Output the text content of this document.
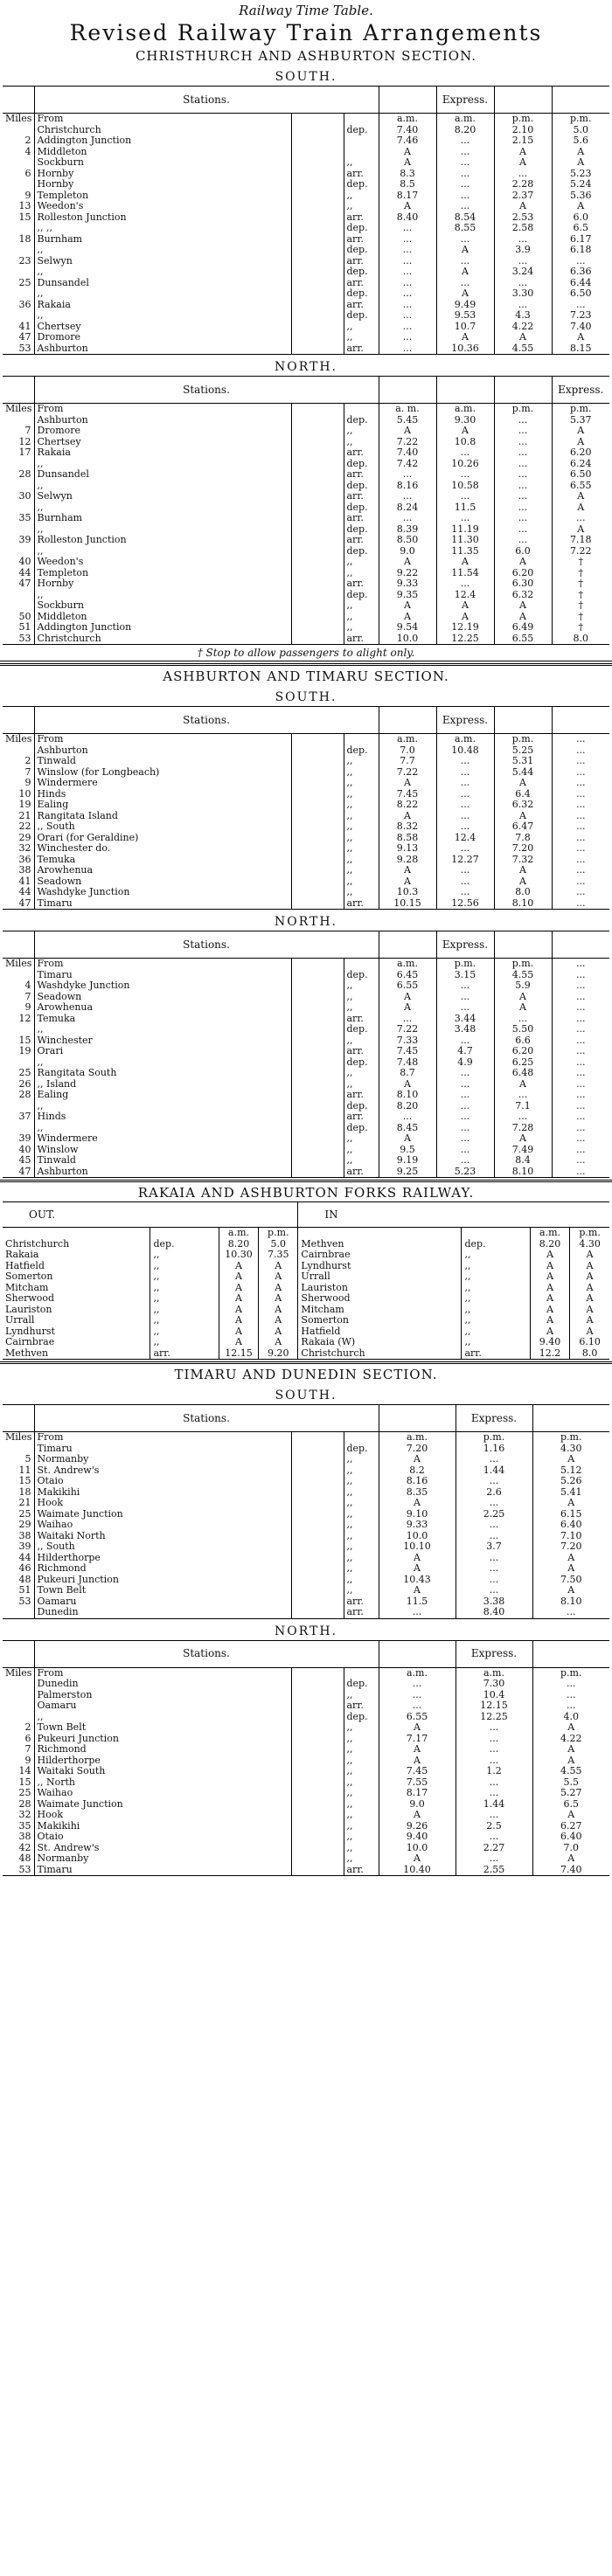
Railway Time Table.
Revised Railway Train Arrangements
CHRISTHURCH AND ASHBURTON SECTION.
SOUTH.
	Stations.				Express.		
Miles	From			a.m.	a.m.	p.m.	p.m.
	Christchurch		dep.	7.40	8.20	2.10	5.0
2	Addington Junction			7.46	...	2.15	5.6
4	Middleton			A	...	A	A
	Sockburn		,,	A	...	A	A
6	Hornby		arr.	8.3	...	...	5.23
	Hornby		dep.	8.5	...	2.28	5.24
9	Templeton		,,	8.17	...	2.37	5.36
13	Weedon's		,,	A	...	A	A
15	Rolleston Junction		arr.	8.40	8.54	2.53	6.0
	,, ,,		dep.	...	8.55	2.58	6.5
18	Burnham		arr.	...	...	...	6.17
	,,		dep.	...	A	3.9	6.18
23	Selwyn		arr.	...	...	...	...
	,,		dep.	...	A	3.24	6.36
25	Dunsandel		arr.	...	...	...	6.44
	,,		dep.	...	A	3.30	6.50
36	Rakaia		arr.	...	9.49	...	...
	,,		dep.	...	9.53	4.3	7.23
41	Chertsey		,,	...	10.7	4.22	7.40
47	Dromore		,,	...	A	A	A
53	Ashburton		arr.	...	10.36	4.55	8.15
NORTH.
	Stations.						Express.
Miles	From			a. m.	a.m.	p.m.	p.m.
	Ashburton		dep.	5.45	9.30	...	5.37
7	Dromore		,,	A	A	...	A
12	Chertsey		,,	7.22	10.8	...	A
17	Rakaia		arr.	7.40	...	...	6.20
	,,		dep.	7.42	10.26	...	6.24
28	Dunsandel		arr.	...	...	...	6.50
	,,		dep.	8.16	10.58	...	6.55
30	Selwyn		arr.	...	...	...	A
	,,		dep.	8.24	11.5	...	A
35	Burnham		arr.	...	...	...	...
	,,		dep.	8.39	11.19	...	A
39	Rolleston Junction		arr.	8.50	11.30	...	7.18
	,,		dep.	9.0	11.35	6.0	7.22
40	Weedon's		,,	A	A	A	†
44	Templeton		,,	9.22	11.54	6.20	†
47	Hornby		arr.	9.33	...	6.30	†
	,,		dep.	9.35	12.4	6.32	†
	Sockburn		,,	A	A	A	†
50	Middleton		,,	A	A	A	†
51	Addington Junction		,,	9.54	12.19	6.49	†
53	Christchurch		arr.	10.0	12.25	6.55	8.0
† Stop to allow passengers to alight only.
ASHBURTON AND TIMARU SECTION.
SOUTH.
	Stations.				Express.		
Miles	From			a.m.	a.m.	p.m.	...
	Ashburton		dep.	7.0	10.48	5.25	...
2	Tinwald		,,	7.7	...	5.31	...
7	Winslow (for Longbeach)		,,	7.22	...	5.44	...
9	Windermere		,,	A	...	A	...
10	Hinds		,,	7.45	...	6.4	...
19	Ealing		,,	8.22	...	6.32	...
21	Rangitata Island		,,	A	...	A	...
22	,, South		,,	8.32	...	6.47	...
29	Orari (for Geraldine)		,,	8.58	12.4	7.8	...
32	Winchester do.		,,	9.13	...	7.20	...
36	Temuka		,,	9.28	12.27	7.32	...
38	Arowhenua		,,	A	...	A	...
41	Seadown		,,	A	...	A	...
44	Washdyke Junction		,,	10.3	...	8.0	...
47	Timaru		arr.	10.15	12.56	8.10	...
NORTH.
	Stations.				Express.		
Miles	From			a.m.	p.m.	p.m.	...
	Timaru		dep.	6.45	3.15	4.55	...
4	Washdyke Junction		,,	6.55	...	5.9	...
7	Seadown		,,	A	...	A	...
9	Arowhenua		,,	A	...	A	...
12	Temuka		arr.	...	3.44	...	...
	,,		dep.	7.22	3.48	5.50	...
15	Winchester		,,	7.33	...	6.6	...
19	Orari		arr.	7.45	4.7	6.20	...
	,,		dep.	7.48	4.9	6.25	...
25	Rangitata South		,,	8.7	...	6.48	...
26	,, Island		,,	A	...	A	...
28	Ealing		arr.	8.10	...	...	...
	,,		dep.	8.20	...	7.1	...
37	Hinds		arr.	...	...	...	...
	,,		dep.	8.45	...	7.28	...
39	Windermere		,,	A	...	A	...
40	Winslow		,,	9.5	...	7.49	...
45	Tinwald		,,	9.19	...	8.4	...
47	Ashburton		arr.	9.25	5.23	8.10	...
RAKAIA AND ASHBURTON FORKS RAILWAY.
OUT.				IN			
		a.m.	p.m.			a.m.	p.m.
Christchurch	dep.	8.20	5.0	Methven	dep.	8.20	4.30
Rakaia	,,	10.30	7.35	Cairnbrae	,,	A	A
Hatfield	,,	A	A	Lyndhurst	,,	A	A
Somerton	,,	A	A	Urrall	,,	A	A
Mitcham	,,	A	A	Lauriston	,,	A	A
Sherwood	,,	A	A	Sherwood	,,	A	A
Lauriston	,,	A	A	Mitcham	,,	A	A
Urrall	,,	A	A	Somerton	,,	A	A
Lyndhurst	,,	A	A	Hatfield	,,	A	A
Cairnbrae	,,	A	A	Rakaia (W)	,,	9.40	6.10
Methven	arr.	12.15	9.20	Christchurch	arr.	12.2	8.0
TIMARU AND DUNEDIN SECTION.
SOUTH.
	Stations.				Express.	
Miles	From			a.m.	p.m.	p.m.
	Timaru		dep.	7.20	1.16	4.30
5	Normanby		,,	A	...	A
11	St. Andrew's		,,	8.2	1.44	5.12
15	Otaio		,,	8.16	...	5.26
18	Makikihi		,,	8.35	2.6	5.41
21	Hook		,,	A	...	A
25	Waimate Junction		,,	9.10	2.25	6.15
29	Waihao		,,	9.33	...	6.40
38	Waitaki North		,,	10.0	...	7.10
39	,, South		,,	10.10	3.7	7.20
44	Hilderthorpe		,,	A	...	A
46	Richmond		,,	A	...	A
48	Pukeuri Junction		,,	10.43	...	7.50
51	Town Belt		,,	A	...	A
53	Oamaru		arr.	11.5	3.38	8.10
	Dunedin		arr.	...	8.40	...
NORTH.
	Stations.				Express.	
Miles	From			a.m.	a.m.	p.m.
	Dunedin		dep.	...	7.30	...
	Palmerston		,,	...	10.4	...
	Oamaru		arr.	...	12.15	...
	,,		dep.	6.55	12.25	4.0
2	Town Belt		,,	A	...	A
6	Pukeuri Junction		,,	7.17	...	4.22
7	Richmond		,,	A	...	A
9	Hilderthorpe		,,	A	...	A
14	Waitaki South		,,	7.45	1.2	4.55
15	,, North		,,	7.55	...	5.5
25	Waihao		,,	8.17	...	5.27
28	Waimate Junction		,,	9.0	1.44	6.5
32	Hook		,,	A	...	A
35	Makikihi		,,	9.26	2.5	6.27
38	Otaio		,,	9.40	...	6.40
42	St. Andrew's		,,	10.0	2.27	7.0
48	Normanby		,,	A	...	A
53	Timaru		arr.	10.40	2.55	7.40
